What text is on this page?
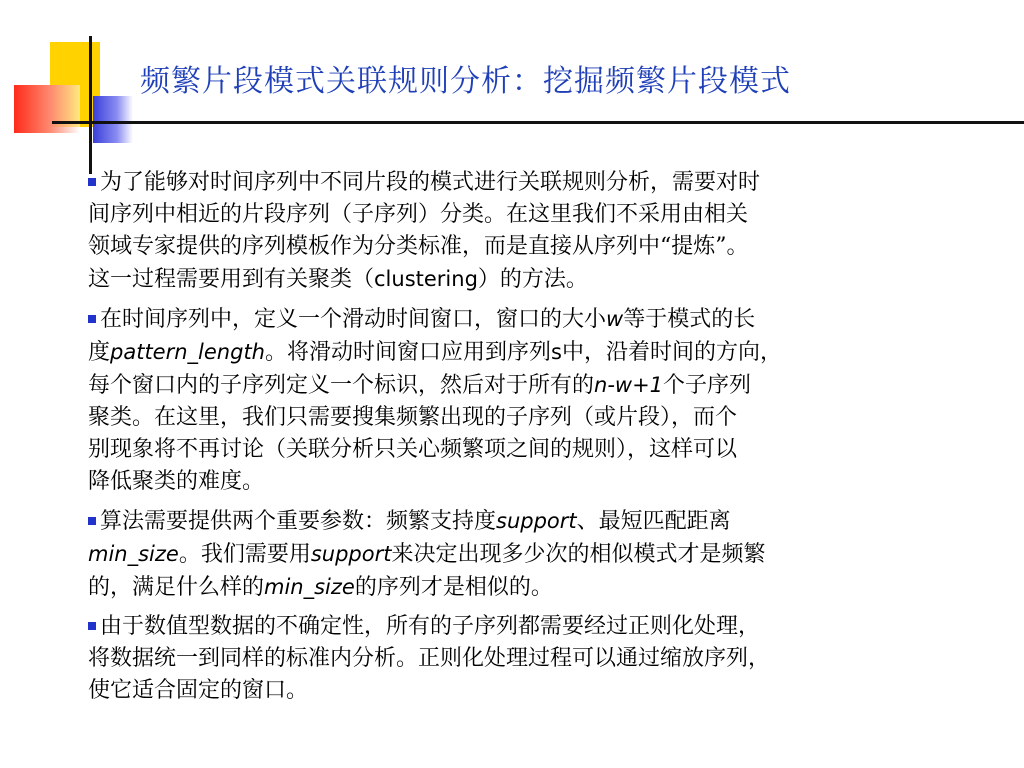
频繁片段模式关联规则分析：挖掘频繁片段模式
为了能够对时间序列中不同片段的模式进行关联规则分析，需要对时
间序列中相近的片段序列（子序列）分类。在这里我们不采用由相关
领域专家提供的序列模板作为分类标准，而是直接从序列中“提炼”。
这一过程需要用到有关聚类（clustering）的方法。
在时间序列中，定义一个滑动时间窗口，窗口的大小w等于模式的长
度pattern_length。将滑动时间窗口应用到序列s中，沿着时间的方向，
每个窗口内的子序列定义一个标识，然后对于所有的n-w+1个子序列
聚类。在这里，我们只需要搜集频繁出现的子序列（或片段），而个
别现象将不再讨论（关联分析只关心频繁项之间的规则），这样可以
降低聚类的难度。
算法需要提供两个重要参数：频繁支持度support、最短匹配距离
min_size。我们需要用support来决定出现多少次的相似模式才是频繁
的，满足什么样的min_size的序列才是相似的。
由于数值型数据的不确定性，所有的子序列都需要经过正则化处理，
将数据统一到同样的标准内分析。正则化处理过程可以通过缩放序列，
使它适合固定的窗口。
